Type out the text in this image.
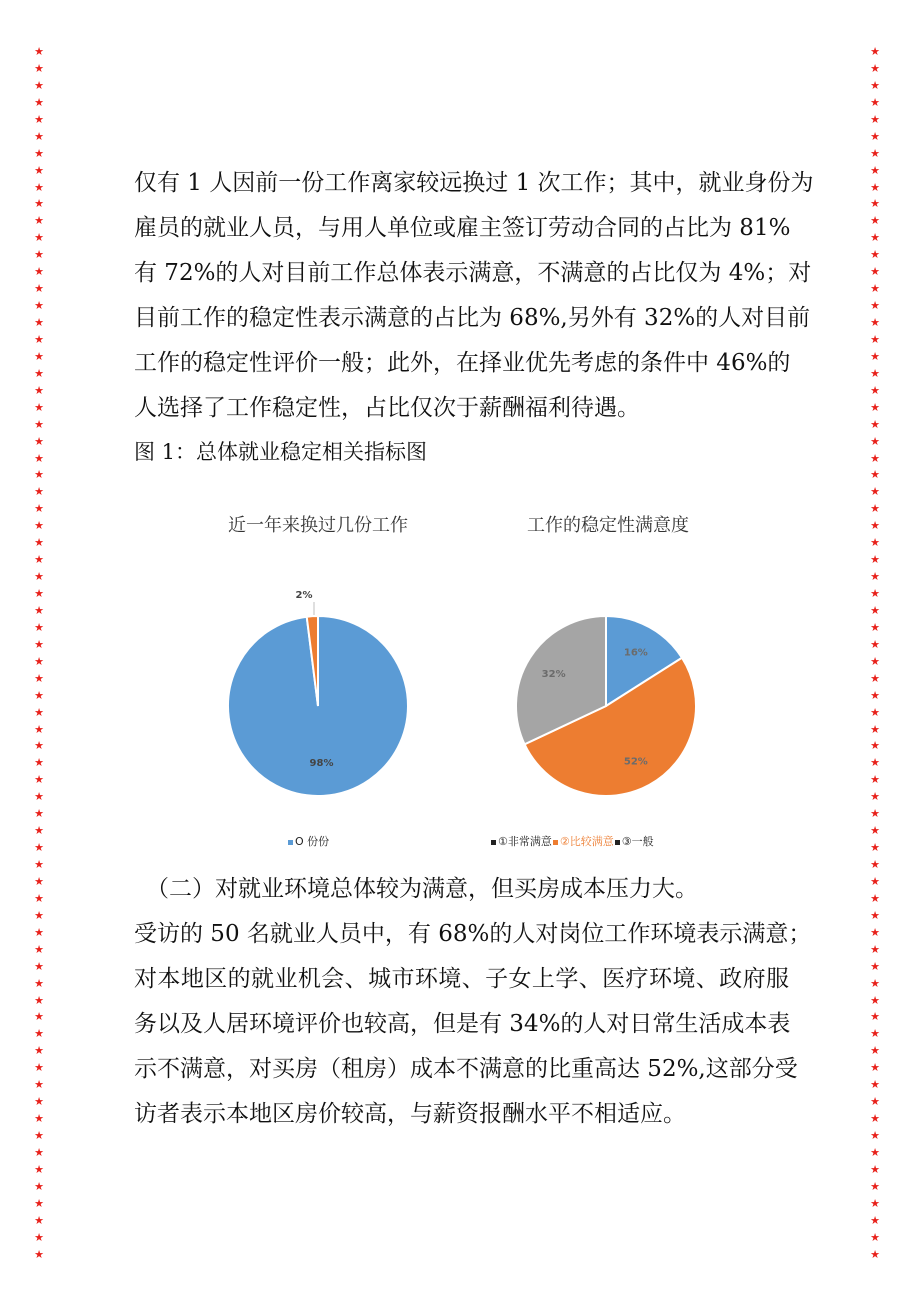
★
★
★
★
★
★
★
★
★
★
★
★
★
★
★
★
★
★
★
★
★
★
★
★
★
★
★
★
★
★
★
★
★
★
★
★
★
★
★
★
★
★
★
★
★
★
★
★
★
★
★
★
★
★
★
★
★
★
★
★
★
★
★
★
★
★
★
★
★
★
★
★
★
★
★
★
★
★
★
★
★
★
★
★
★
★
★
★
★
★
★
★
★
★
★
★
★
★
★
★
★
★
★
★
★
★
★
★
★
★
★
★
★
★
★
★
★
★
★
★
★
★
★
★
★
★
★
★
★
★
★
★
★
★
★
★
★
★
★
★
★
★
★
★
仅有 1 人因前一份工作离家较远换过 1 次工作；其中，就业身份为
雇员的就业人员，与用人单位或雇主签订劳动合同的占比为 81%
有 72%的人对目前工作总体表示满意，不满意的占比仅为 4%；对
目前工作的稳定性表示满意的占比为 68%,另外有 32%的人对目前
工作的稳定性评价一般；此外，在择业优先考虑的条件中 46%的
人选择了工作稳定性，占比仅次于薪酬福利待遇。
图 1：总体就业稳定相关指标图
近一年来换过几份工作	工作的稳定性满意度
98%
2%
16%
52%
32%
O 份份	①非常满意 ②比较满意 ③一般
（二）对就业环境总体较为满意，但买房成本压力大。
受访的 50 名就业人员中，有 68%的人对岗位工作环境表示满意；
对本地区的就业机会、城市环境、子女上学、医疗环境、政府服
务以及人居环境评价也较高，但是有 34%的人对日常生活成本表
示不满意，对买房（租房）成本不满意的比重高达 52%,这部分受
访者表示本地区房价较高，与薪资报酬水平不相适应。
